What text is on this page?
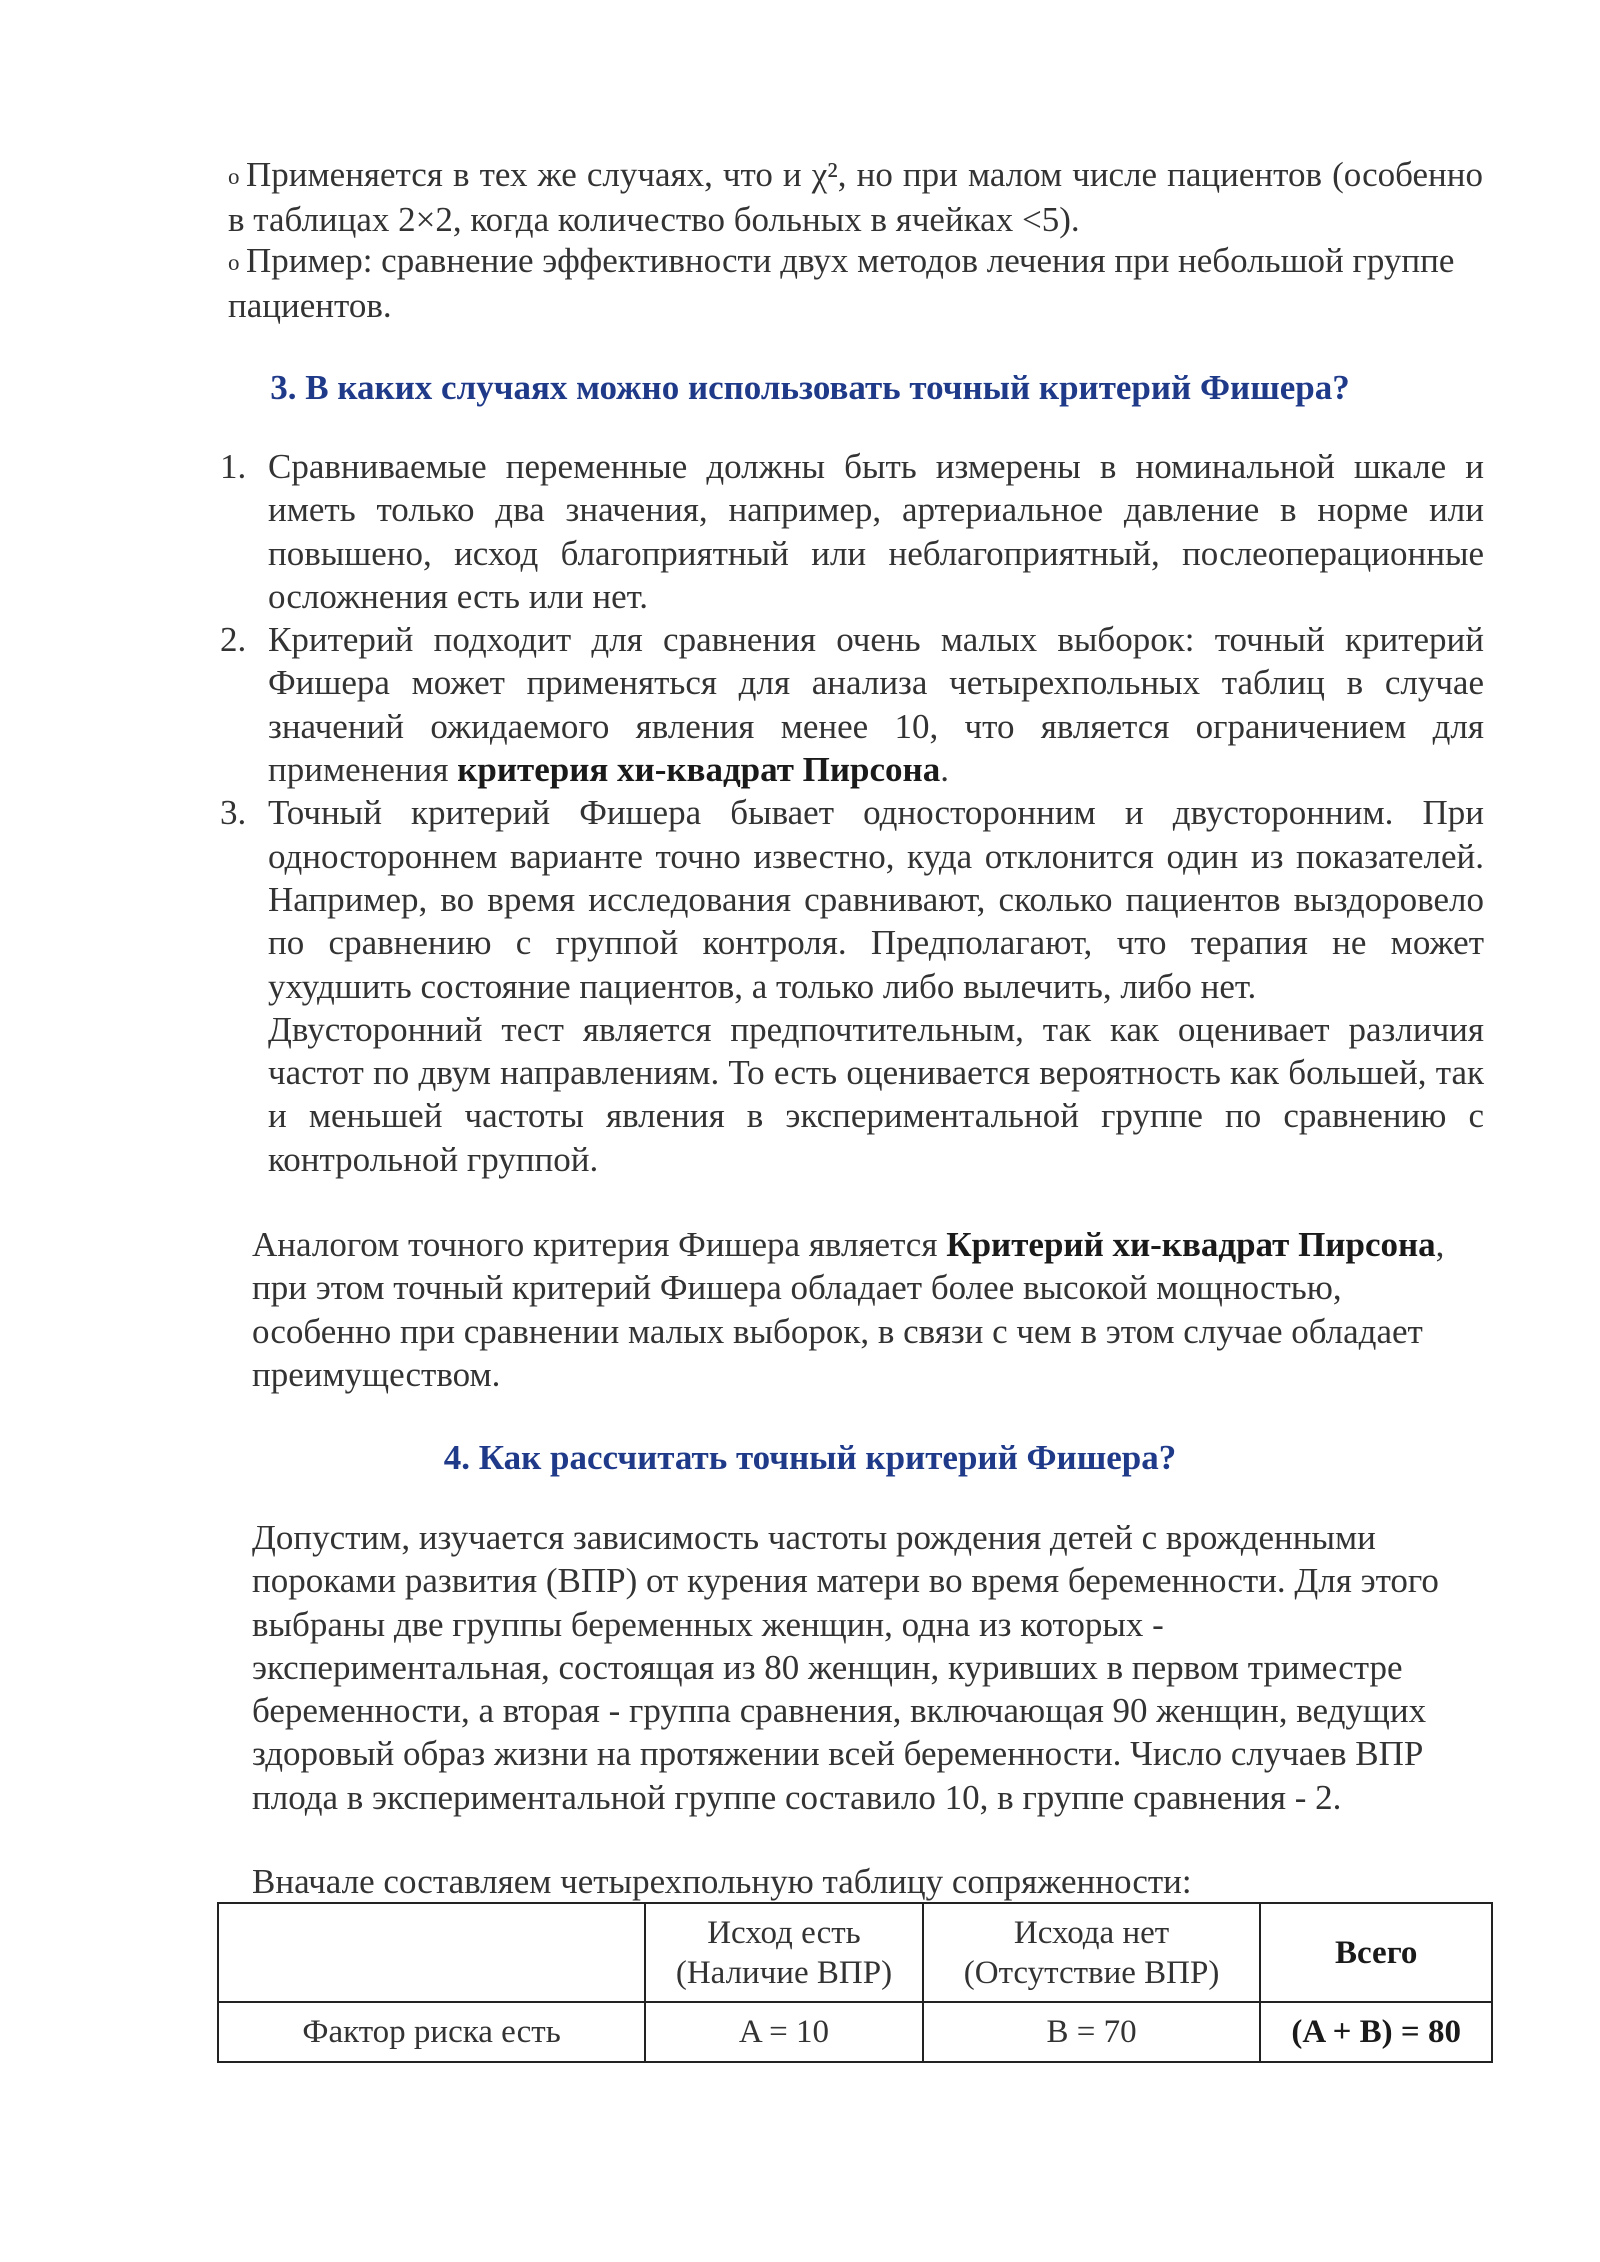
o Применяется в тех же случаях, что и χ², но при малом числе пациентов (особенно в таблицах 2×2, когда количество больных в ячейках <5).

o Пример: сравнение эффективности двух методов лечения при небольшой группе пациентов.

3. В каких случаях можно использовать точный критерий Фишера?
1. Сравниваемые переменные должны быть измерены в номинальной шкале и иметь только два значения, например, артериальное давление в норме или повышено, исход благоприятный или неблагоприятный, послеоперационные осложнения есть или нет.
2. Критерий подходит для сравнения очень малых выборок: точный критерий Фишера может применяться для анализа четырехпольных таблиц в случае значений ожидаемого явления менее 10, что является ограничением для применения критерия хи-квадрат Пирсона.
3. Точный критерий Фишера бывает односторонним и двусторонним. При одностороннем варианте точно известно, куда отклонится один из показателей. Например, во время исследования сравнивают, сколько пациентов выздоровело по сравнению с группой контроля. Предполагают, что терапия не может ухудшить состояние пациентов, а только либо вылечить, либо нет.
Двусторонний тест является предпочтительным, так как оценивает различия частот по двум направлениям. То есть оценивается вероятность как большей, так и меньшей частоты явления в экспериментальной группе по сравнению с контрольной группой.

Аналогом точного критерия Фишера является Критерий хи-квадрат Пирсона, при этом точный критерий Фишера обладает более высокой мощностью, особенно при сравнении малых выборок, в связи с чем в этом случае обладает преимуществом.

4. Как рассчитать точный критерий Фишера?

Допустим, изучается зависимость частоты рождения детей с врожденными пороками развития (ВПР) от курения матери во время беременности. Для этого выбраны две группы беременных женщин, одна из которых - экспериментальная, состоящая из 80 женщин, куривших в первом триместре беременности, а вторая - группа сравнения, включающая 90 женщин, ведущих здоровый образ жизни на протяжении всей беременности. Число случаев ВПР плода в экспериментальной группе составило 10, в группе сравнения - 2.

Вначале составляем четырехпольную таблицу сопряженности:

	Исход есть
(Наличие ВПР)	Исхода нет
(Отсутствие ВПР)	Всего
Фактор риска есть	A = 10	B = 70	(A + B) = 80
